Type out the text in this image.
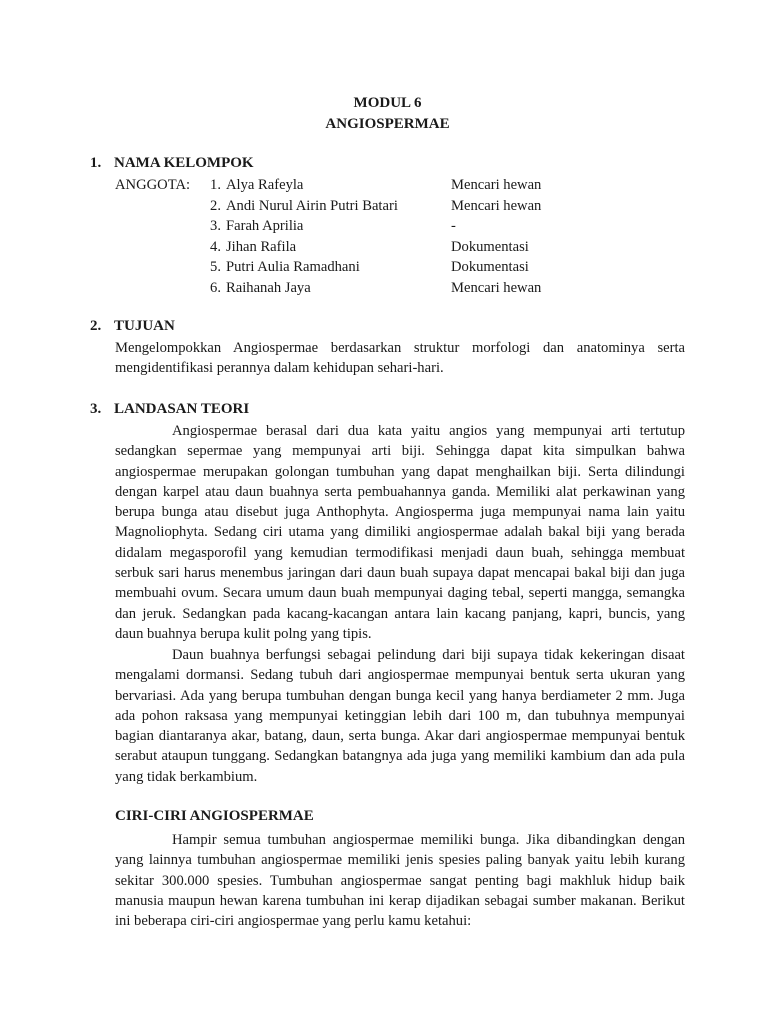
MODUL 6
ANGIOSPERMAE
1. NAMA KELOMPOK
ANGGOTA:	1. Alya Rafeyla	Mencari hewan
2. Andi Nurul Airin Putri Batari	Mencari hewan
3. Farah Aprilia	-
4. Jihan Rafila	Dokumentasi
5. Putri Aulia Ramadhani	Dokumentasi
6. Raihanah Jaya	Mencari hewan
2. TUJUAN

Mengelompokkan Angiospermae berdasarkan struktur morfologi dan anatominya serta mengidentifikasi perannya dalam kehidupan sehari-hari.

3. LANDASAN TEORI

Angiospermae berasal dari dua kata yaitu angios yang mempunyai arti tertutup sedangkan sepermae yang mempunyai arti biji. Sehingga dapat kita simpulkan bahwa angiospermae merupakan golongan tumbuhan yang dapat menghailkan biji. Serta dilindungi dengan karpel atau daun buahnya serta pembuahannya ganda. Memiliki alat perkawinan yang berupa bunga atau disebut juga Anthophyta. Angiosperma juga mempunyai nama lain yaitu Magnoliophyta. Sedang ciri utama yang dimiliki angiospermae adalah bakal biji yang berada didalam megasporofil yang kemudian termodifikasi menjadi daun buah, sehingga membuat serbuk sari harus menembus jaringan dari daun buah supaya dapat mencapai bakal biji dan juga membuahi ovum. Secara umum daun buah mempunyai daging tebal, seperti mangga, semangka dan jeruk. Sedangkan pada kacang-kacangan antara lain kacang panjang, kapri, buncis, yang daun buahnya berupa kulit polng yang tipis.

Daun buahnya berfungsi sebagai pelindung dari biji supaya tidak kekeringan disaat mengalami dormansi. Sedang tubuh dari angiospermae mempunyai bentuk serta ukuran yang bervariasi. Ada yang berupa tumbuhan dengan bunga kecil yang hanya berdiameter 2 mm. Juga ada pohon raksasa yang mempunyai ketinggian lebih dari 100 m, dan tubuhnya mempunyai bagian diantaranya akar, batang, daun, serta bunga. Akar dari angiospermae mempunyai bentuk serabut ataupun tunggang. Sedangkan batangnya ada juga yang memiliki kambium dan ada pula yang tidak berkambium.

CIRI-CIRI ANGIOSPERMAE

Hampir semua tumbuhan angiospermae memiliki bunga. Jika dibandingkan dengan yang lainnya tumbuhan angiospermae memiliki jenis spesies paling banyak yaitu lebih kurang sekitar 300.000 spesies. Tumbuhan angiospermae sangat penting bagi makhluk hidup baik manusia maupun hewan karena tumbuhan ini kerap dijadikan sebagai sumber makanan. Berikut ini beberapa ciri-ciri angiospermae yang perlu kamu ketahui:
